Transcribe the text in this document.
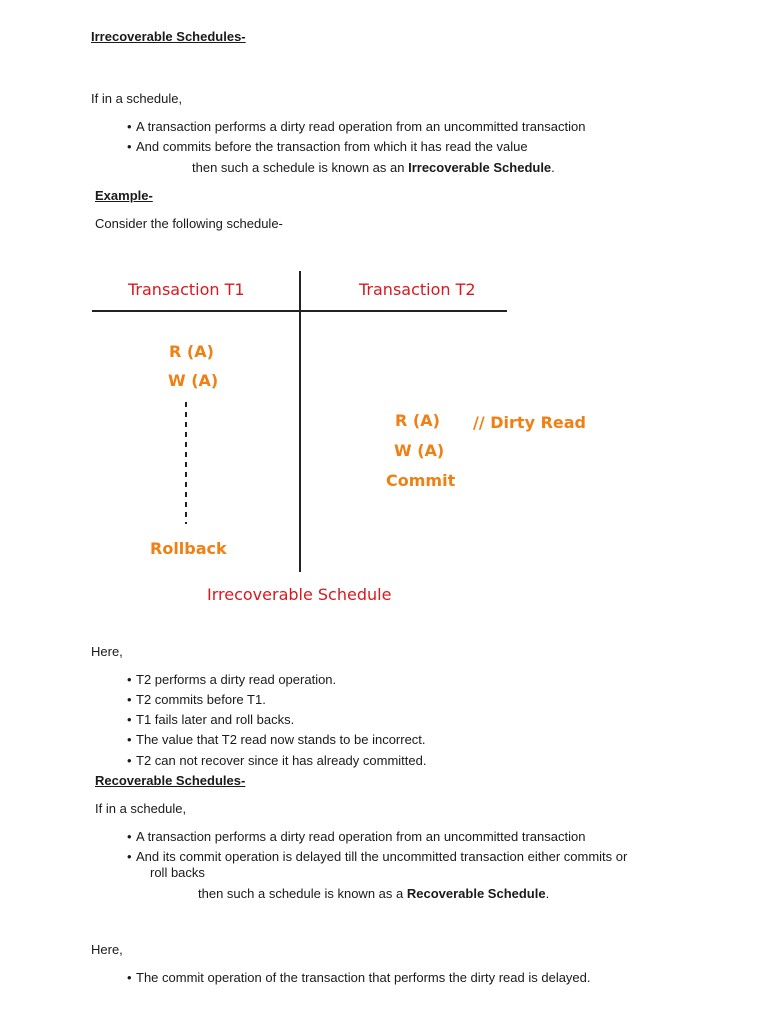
Irrecoverable Schedules-
If in a schedule,
• A transaction performs a dirty read operation from an uncommitted transaction
• And commits before the transaction from which it has read the value
then such a schedule is known as an Irrecoverable Schedule.
Example-
Consider the following schedule-
Transaction T1	Transaction T2
R (A)
W (A)
Rollback
R (A) // Dirty Read
W (A)
Commit
Irrecoverable Schedule
Here,
• T2 performs a dirty read operation.
• T2 commits before T1.
• T1 fails later and roll backs.
• The value that T2 read now stands to be incorrect.
• T2 can not recover since it has already committed.
Recoverable Schedules-
If in a schedule,
• A transaction performs a dirty read operation from an uncommitted transaction
• And its commit operation is delayed till the uncommitted transaction either commits or
roll backs
then such a schedule is known as a Recoverable Schedule.
Here,
• The commit operation of the transaction that performs the dirty read is delayed.
